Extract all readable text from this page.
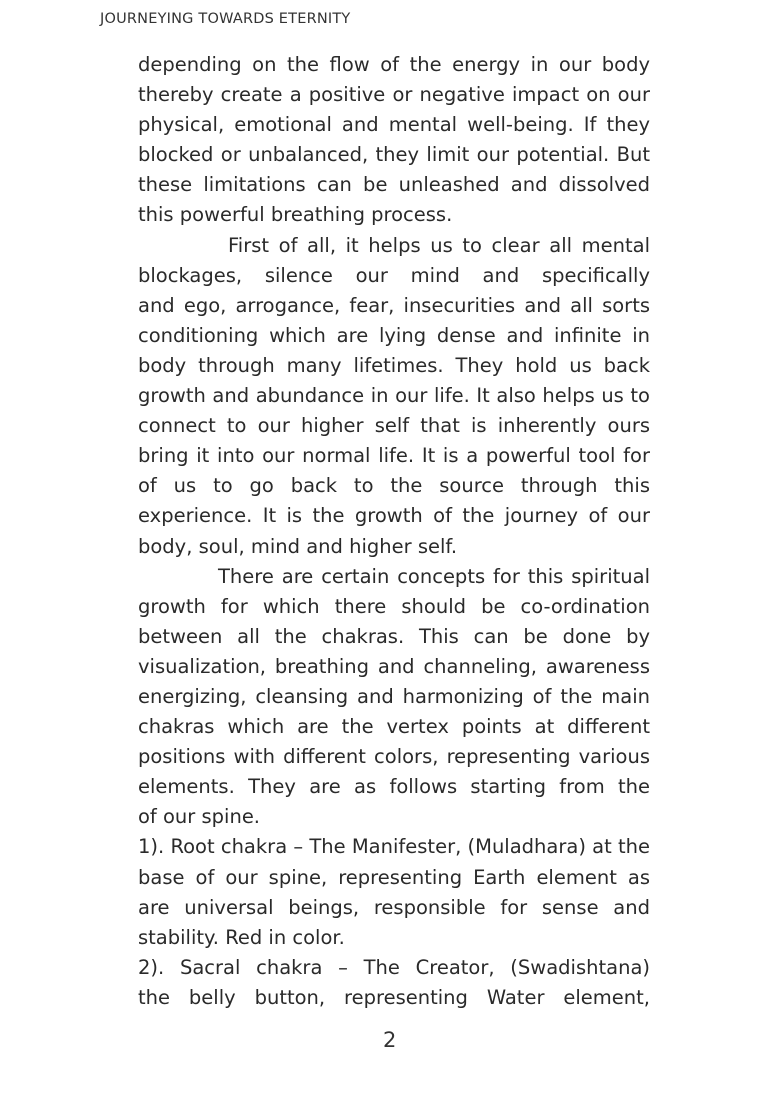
JOURNEYING TOWARDS ETERNITY
depending on the flow of the energy in our body
thereby create a positive or negative impact on our
physical, emotional and mental well-being. If they
blocked or unbalanced, they limit our potential. But
these limitations can be unleashed and dissolved
this powerful breathing process.
First of all, it helps us to clear all mental
blockages, silence our mind and specifically
and ego, arrogance, fear, insecurities and all sorts
conditioning which are lying dense and infinite in
body through many lifetimes. They hold us back
growth and abundance in our life. It also helps us to
connect to our higher self that is inherently ours
bring it into our normal life. It is a powerful tool for
of us to go back to the source through this
experience. It is the growth of the journey of our
body, soul, mind and higher self.
There are certain concepts for this spiritual
growth for which there should be co-ordination
between all the chakras. This can be done by
visualization, breathing and channeling, awareness
energizing, cleansing and harmonizing of the main
chakras which are the vertex points at different
positions with different colors, representing various
elements. They are as follows starting from the
of our spine.
1). Root chakra – The Manifester, (Muladhara) at the
base of our spine, representing Earth element as
are universal beings, responsible for sense and
stability. Red in color.
2). Sacral chakra – The Creator, (Swadishtana)
the belly button, representing Water element,
2
